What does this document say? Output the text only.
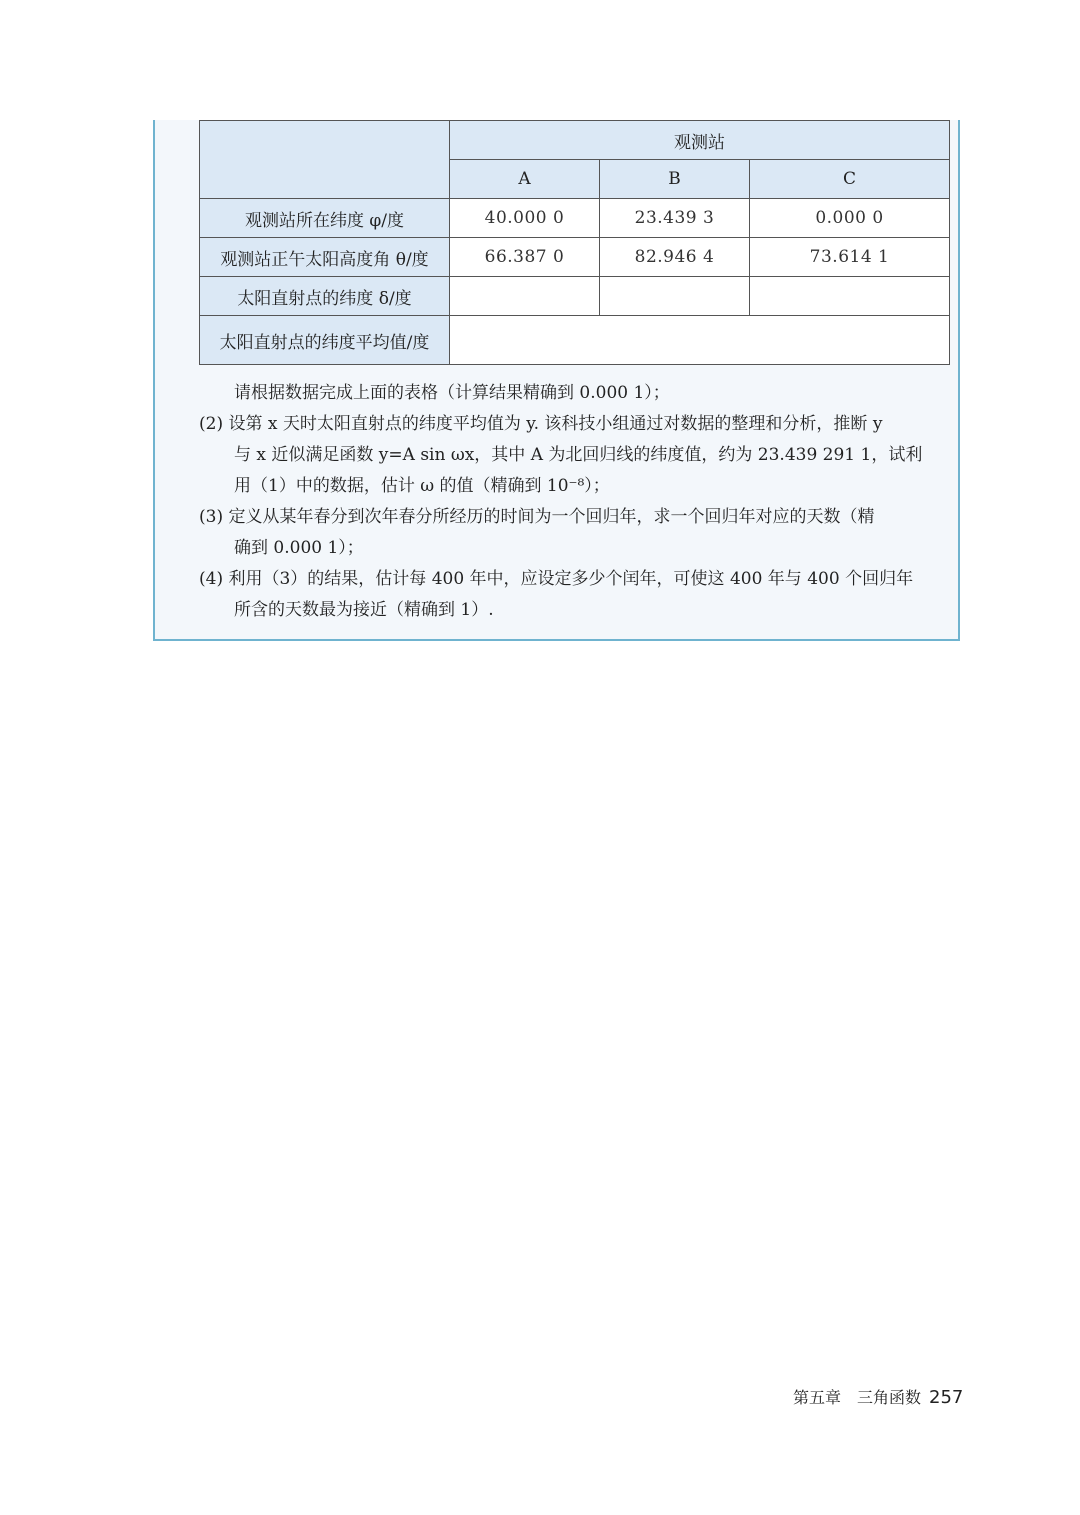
	观测站		
	A	B	C
观测站所在纬度 φ/度	40.000 0	23.439 3	0.000 0
观测站正午太阳高度角 θ/度	66.387 0	82.946 4	73.614 1
太阳直射点的纬度 δ/度			
太阳直射点的纬度平均值/度			
请根据数据完成上面的表格（计算结果精确到 0.000 1）；
(2) 设第 x 天时太阳直射点的纬度平均值为 y. 该科技小组通过对数据的整理和分析，推断 y
与 x 近似满足函数 y=A sin ωx，其中 A 为北回归线的纬度值，约为 23.439 291 1，试利
用（1）中的数据，估计 ω 的值（精确到 10⁻⁸）；
(3) 定义从某年春分到次年春分所经历的时间为一个回归年，求一个回归年对应的天数（精
确到 0.000 1）；
(4) 利用（3）的结果，估计每 400 年中，应设定多少个闰年，可使这 400 年与 400 个回归年
所含的天数最为接近（精确到 1）.
第五章　三角函数 257
